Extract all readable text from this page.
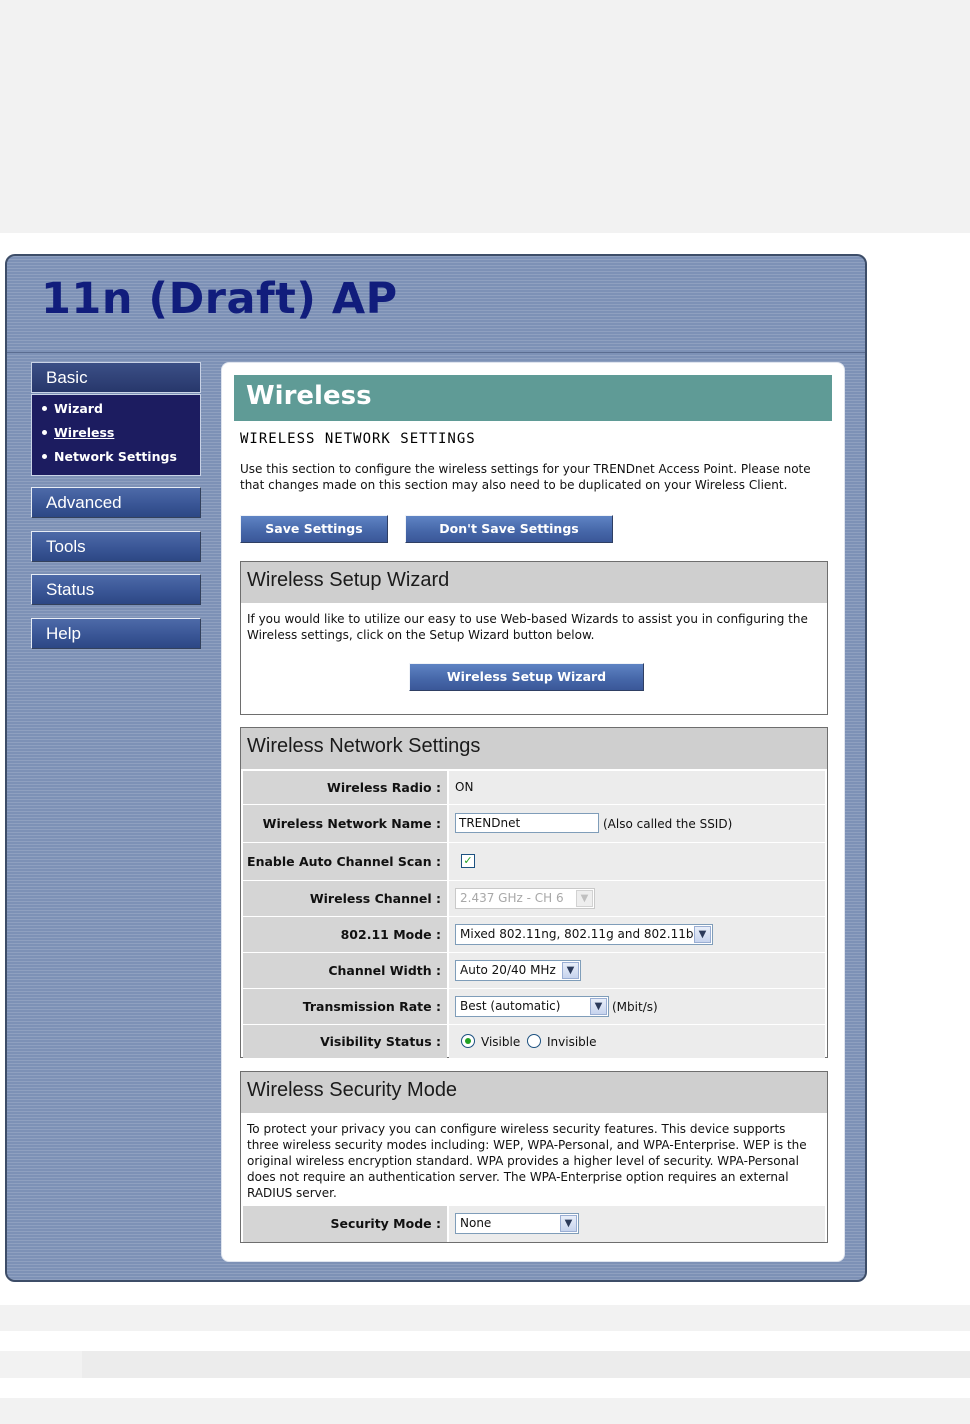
11n (Draft) AP
Basic
Wizard
Wireless
Network Settings
Advanced
Tools
Status
Help
Wireless
WIRELESS NETWORK SETTINGS
Use this section to configure the wireless settings for your TRENDnet Access Point. Please note that changes made on this section may also need to be duplicated on your Wireless Client.
Save Settings	Don't Save Settings
Wireless Setup Wizard
If you would like to utilize our easy to use Web-based Wizards to assist you in configuring the Wireless settings, click on the Setup Wizard button below.
Wireless Setup Wizard
Wireless Network Settings
Wireless Radio :	ON
Wireless Network Name :	TRENDnet	(Also called the SSID)
Enable Auto Channel Scan :	✓
Wireless Channel :	2.437 GHz - CH 6	▼
802.11 Mode :	Mixed 802.11ng, 802.11g and 802.11b ▼
Channel Width :	Auto 20/40 MHz	▼
Transmission Rate :	Best (automatic)	▼ (Mbit/s)
Visibility Status :	Visible Invisible
Wireless Security Mode
To protect your privacy you can configure wireless security features. This device supports three wireless security modes including: WEP, WPA-Personal, and WPA-Enterprise. WEP is the original wireless encryption standard. WPA provides a higher level of security. WPA-Personal does not require an authentication server. The WPA-Enterprise option requires an external RADIUS server.
Security Mode :	None	▼
